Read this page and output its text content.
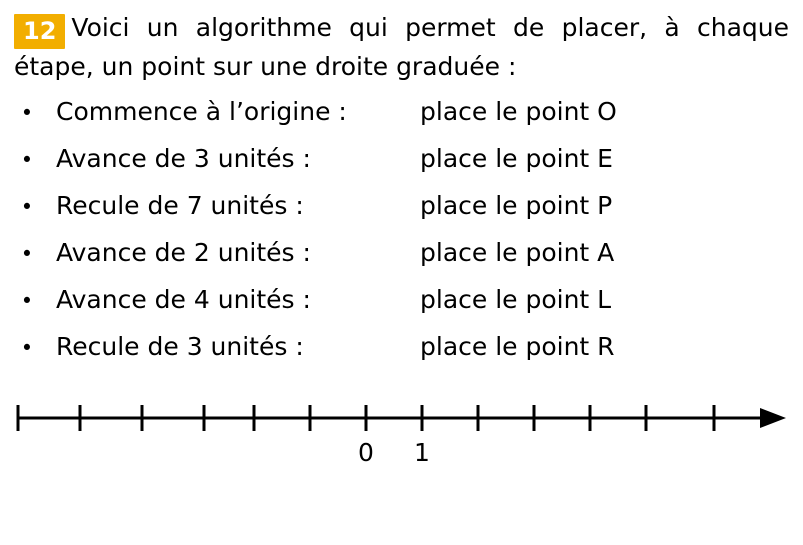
12 Voici un algorithme qui permet de placer, à chaque étape, un point sur une droite graduée :

• Commence à l’origine :	place le point O
• Avance de 3 unités :	place le point E
• Recule de 7 unités :	place le point P
• Avance de 2 unités :	place le point A
• Avance de 4 unités :	place le point L
• Recule de 3 unités :	place le point R
0 1
